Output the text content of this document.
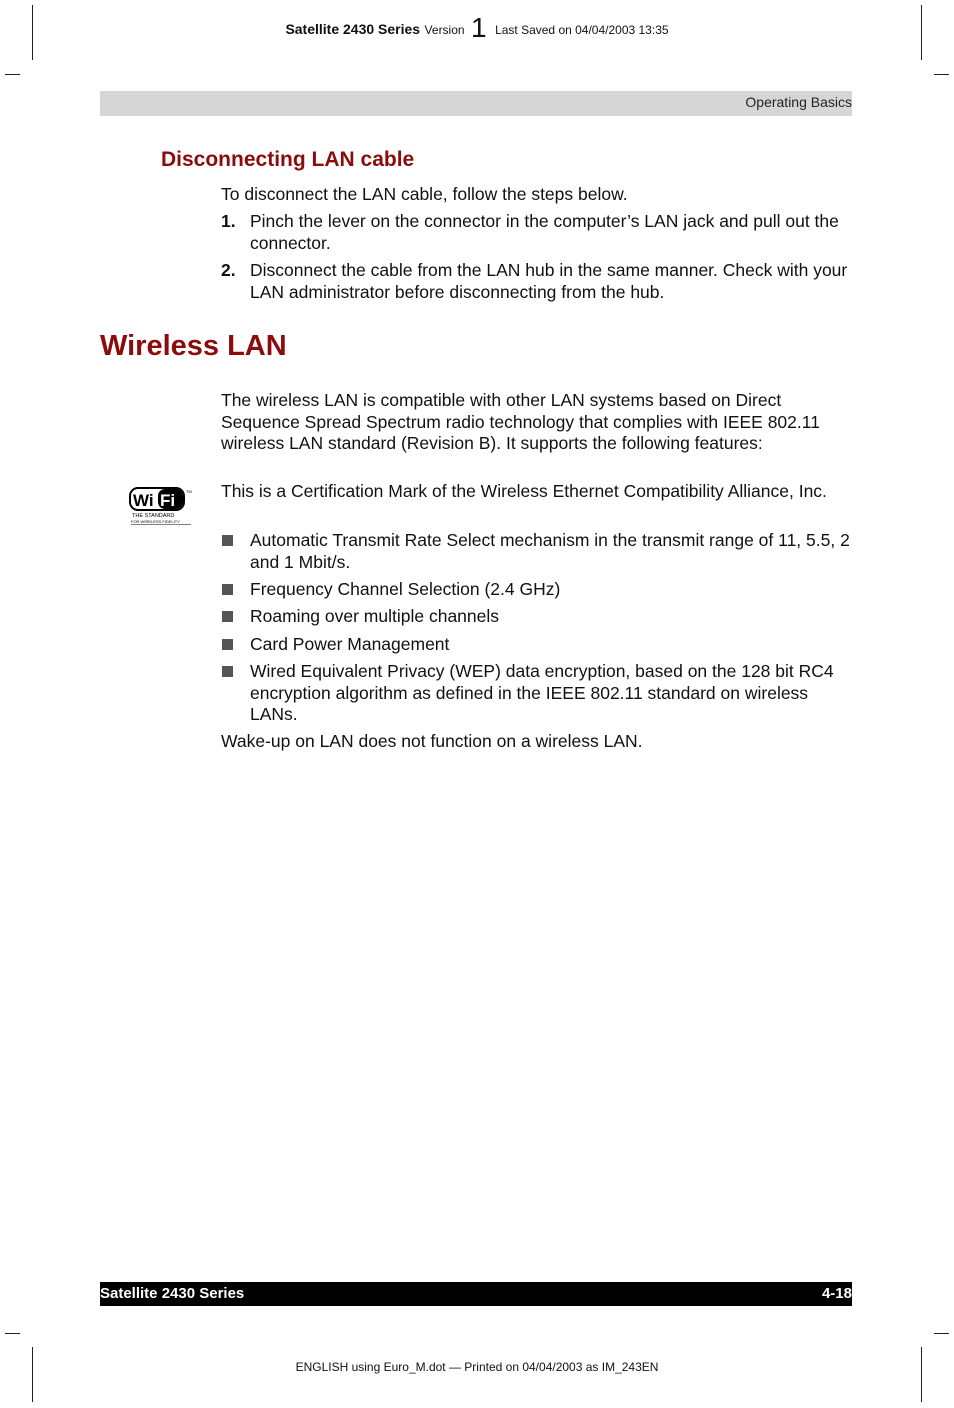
Satellite 2430 Series Version 1 Last Saved on 04/04/2003 13:35
Operating Basics
Disconnecting LAN cable
To disconnect the LAN cable, follow the steps below.
1. Pinch the lever on the connector in the computer’s LAN jack and pull out the connector.
2. Disconnect the cable from the LAN hub in the same manner. Check with your LAN administrator before disconnecting from the hub.
Wireless LAN
The wireless LAN is compatible with other LAN systems based on Direct Sequence Spread Spectrum radio technology that complies with IEEE 802.11 wireless LAN standard (Revision B). It supports the following features:
Wi Fi	TM
THE STANDARD
FOR WIRELESS FIDELITY
This is a Certification Mark of the Wireless Ethernet Compatibility Alliance, Inc.
Automatic Transmit Rate Select mechanism in the transmit range of 11, 5.5, 2 and 1 Mbit/s.
Frequency Channel Selection (2.4 GHz)
Roaming over multiple channels
Card Power Management
Wired Equivalent Privacy (WEP) data encryption, based on the 128 bit RC4 encryption algorithm as defined in the IEEE 802.11 standard on wireless LANs.
Wake-up on LAN does not function on a wireless LAN.
Satellite 2430 Series	4-18
ENGLISH using Euro_M.dot — Printed on 04/04/2003 as IM_243EN
